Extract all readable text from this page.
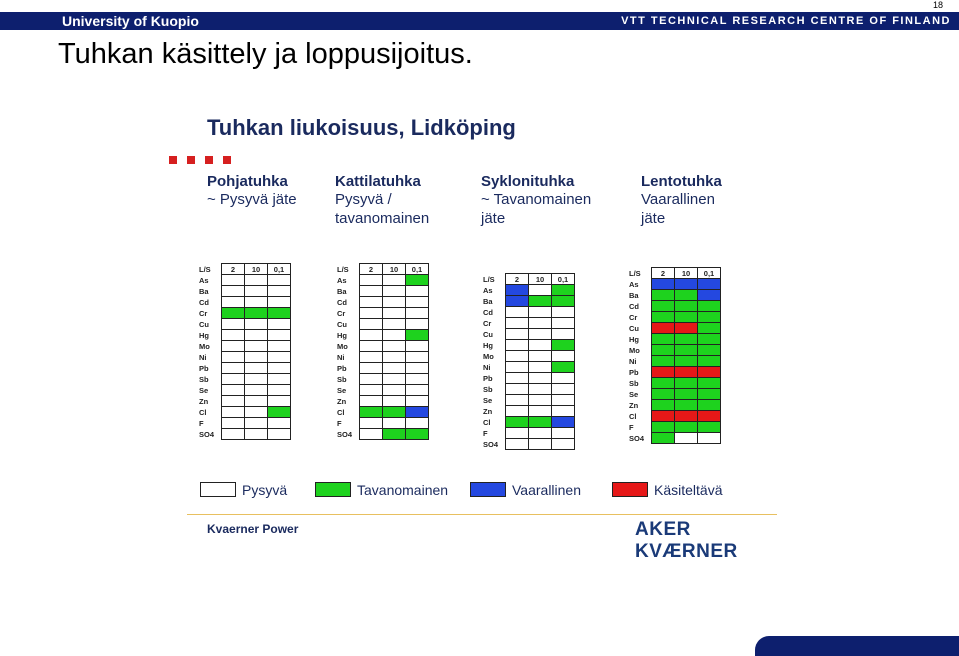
University of Kuopio	VTT TECHNICAL RESEARCH CENTRE OF FINLAND
18
Tuhkan käsittely ja loppusijoitus.
Tuhkan liukoisuus, Lidköping
Pohjatuhka
~ Pysyvä jäte
Kattilatuhka
Pysyvä /
tavanomainen
Syklonituhka
~ Tavanomainen
jäte
Lentotuhka
Vaarallinen
jäte
L/S	2	10	0,1
As			
Ba			
Cd			
Cr			
Cu			
Hg			
Mo			
Ni			
Pb			
Sb			
Se			
Zn			
Cl			
F			
SO4			
L/S	2	10	0,1
As			
Ba			
Cd			
Cr			
Cu			
Hg			
Mo			
Ni			
Pb			
Sb			
Se			
Zn			
Cl			
F			
SO4			
L/S	2	10	0,1
As			
Ba			
Cd			
Cr			
Cu			
Hg			
Mo			
Ni			
Pb			
Sb			
Se			
Zn			
Cl			
F			
SO4			
L/S	2	10	0,1
As			
Ba			
Cd			
Cr			
Cu			
Hg			
Mo			
Ni			
Pb			
Sb			
Se			
Zn			
Cl			
F			
SO4			
Pysyvä	Tavanomainen	Vaarallinen	Käsiteltävä
Kvaerner Power	AKER KVÆRNER
